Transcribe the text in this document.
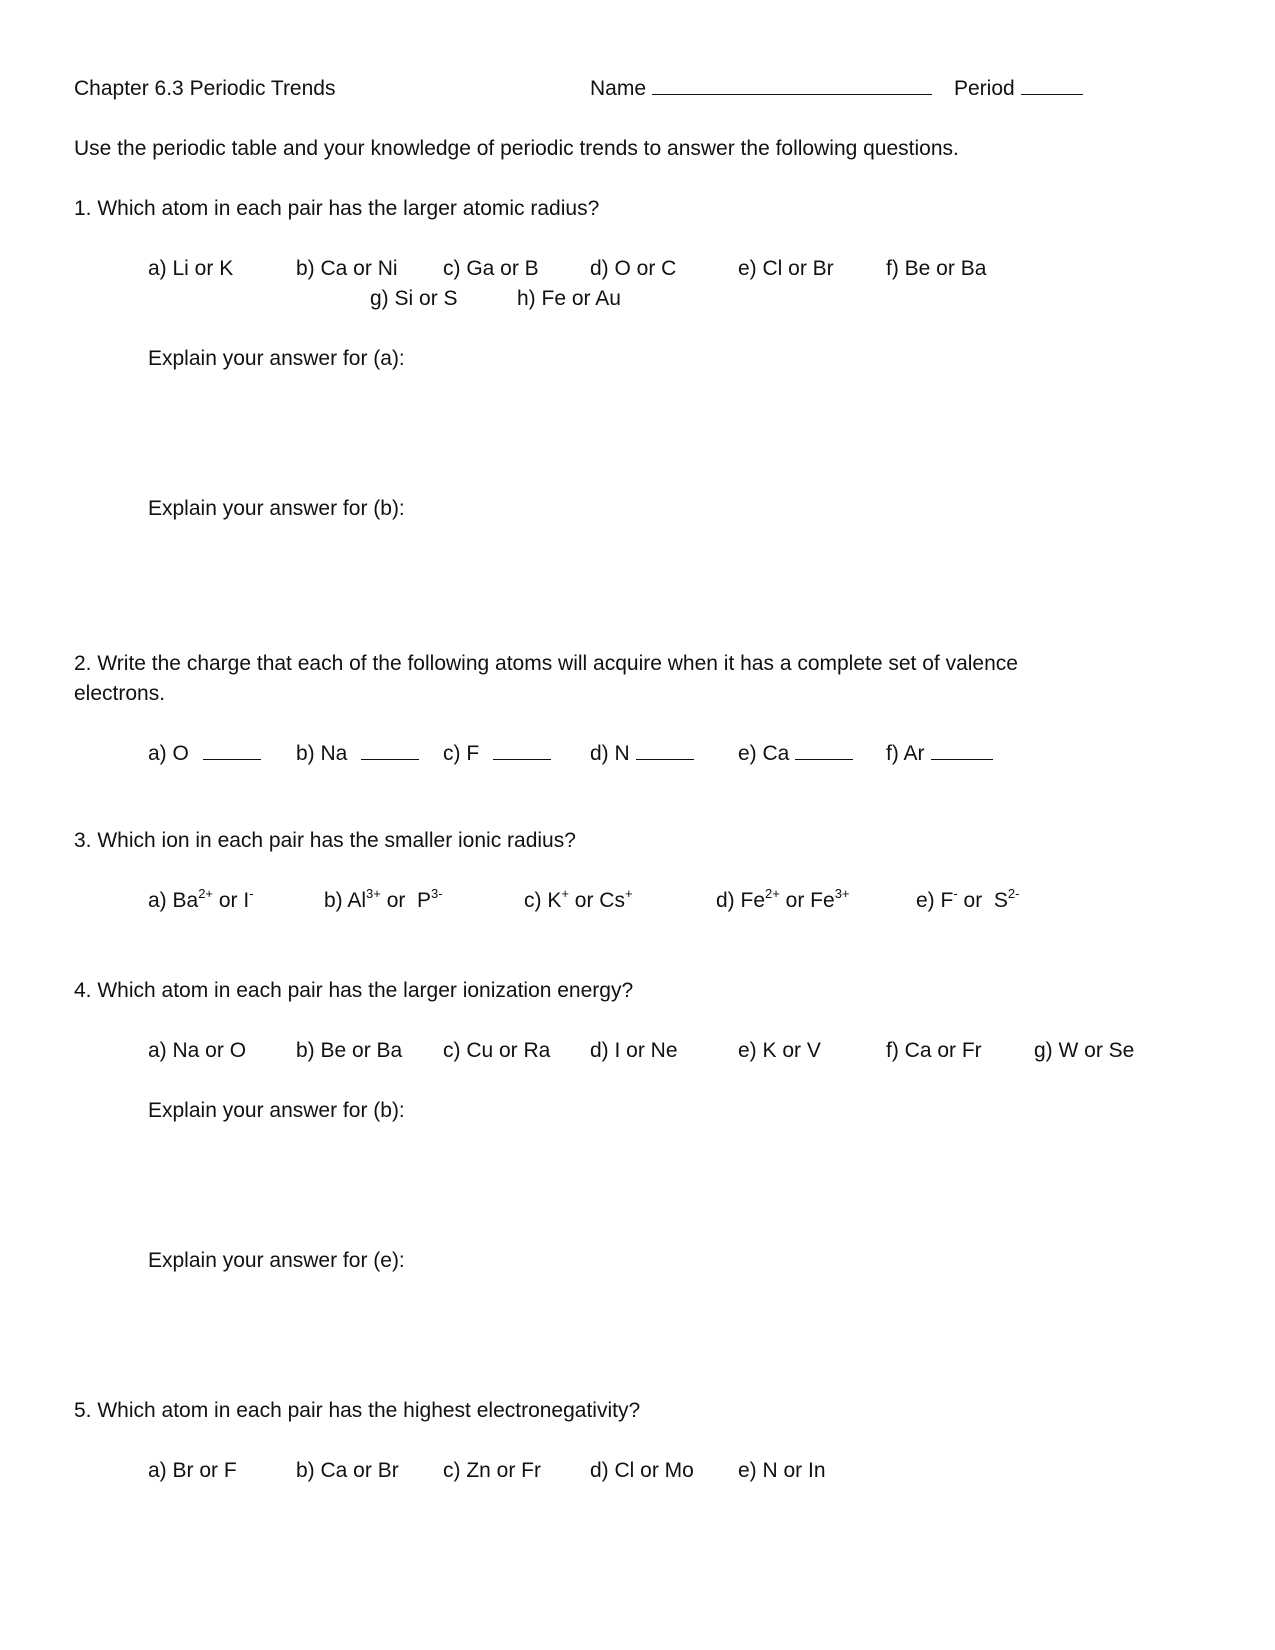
Chapter 6.3 Periodic Trends	Name	Period
Use the periodic table and your knowledge of periodic trends to answer the following questions.
1. Which atom in each pair has the larger atomic radius?
a) Li or K	b) Ca or Ni c) Ga or B d) O or C	e) Cl or Br f) Be or Ba
g) Si or S	h) Fe or Au
Explain your answer for (a):
Explain your answer for (b):
2. Write the charge that each of the following atoms will acquire when it has a complete set of valence
electrons.
a) O	b) Na	c) F	d) N	e) Ca	f) Ar
3. Which ion in each pair has the smaller ionic radius?
a) $Ba^{2+}$ or I-	b) $Al^{3+}$ or  $P^{3-}$	c) K+ or Cs+	d) $Fe^{2+}$ or $Fe^{3+}$	e) F- or  $S^{2-}$
4. Which atom in each pair has the larger ionization energy?
a) Na or O b) Be or Ba c) Cu or Ra d) I or Ne	e) K or V	f) Ca or Fr g) W or Se
Explain your answer for (b):
Explain your answer for (e):
5. Which atom in each pair has the highest electronegativity?
a) Br or F	b) Ca or Br c) Zn or Fr d) Cl or Mo e) N or In
